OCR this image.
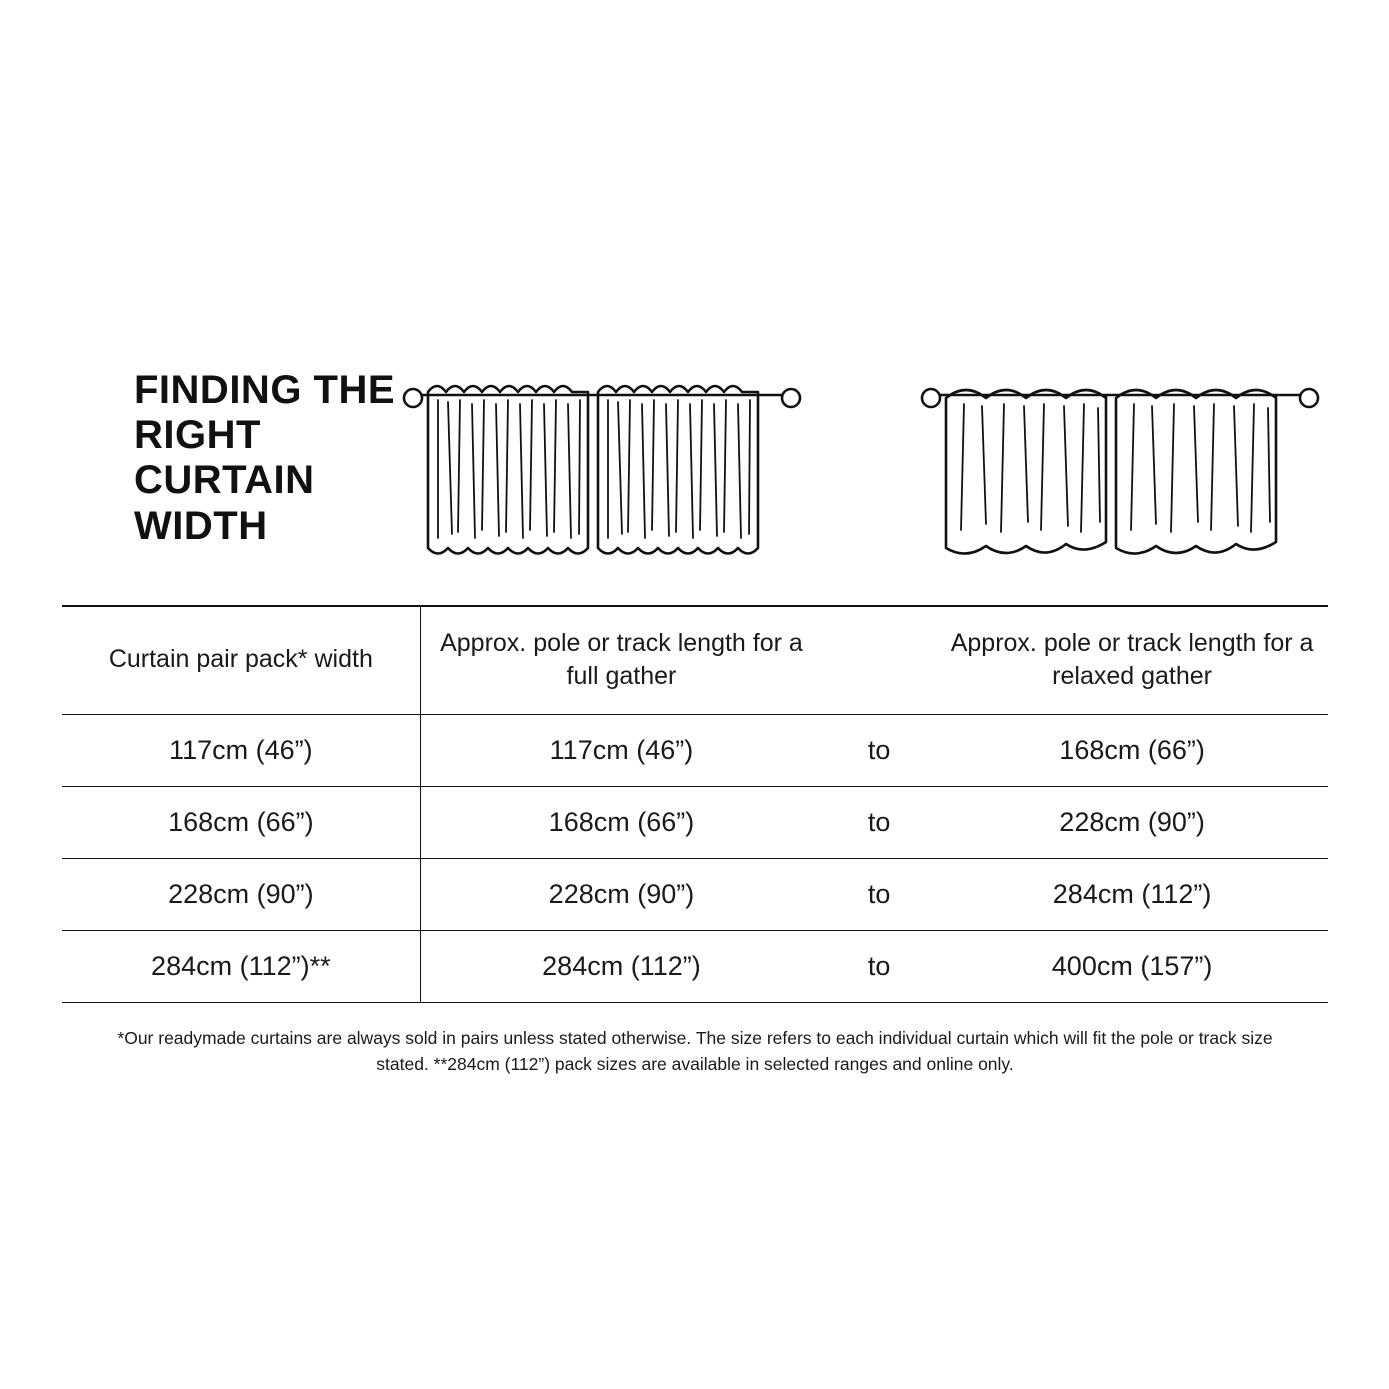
FINDING THE RIGHT CURTAIN WIDTH
Curtain pair pack* width	Approx. pole or track length for a full gather		Approx. pole or track length for a relaxed gather
117cm (46”)	117cm (46”)	to	168cm (66”)
168cm (66”)	168cm (66”)	to	228cm (90”)
228cm (90”)	228cm (90”)	to	284cm (112”)
284cm (112”)**	284cm (112”)	to	400cm (157”)
*Our readymade curtains are always sold in pairs unless stated otherwise. The size refers to each individual curtain which will fit the pole or track size stated. **284cm (112”) pack sizes are available in selected ranges and online only.
